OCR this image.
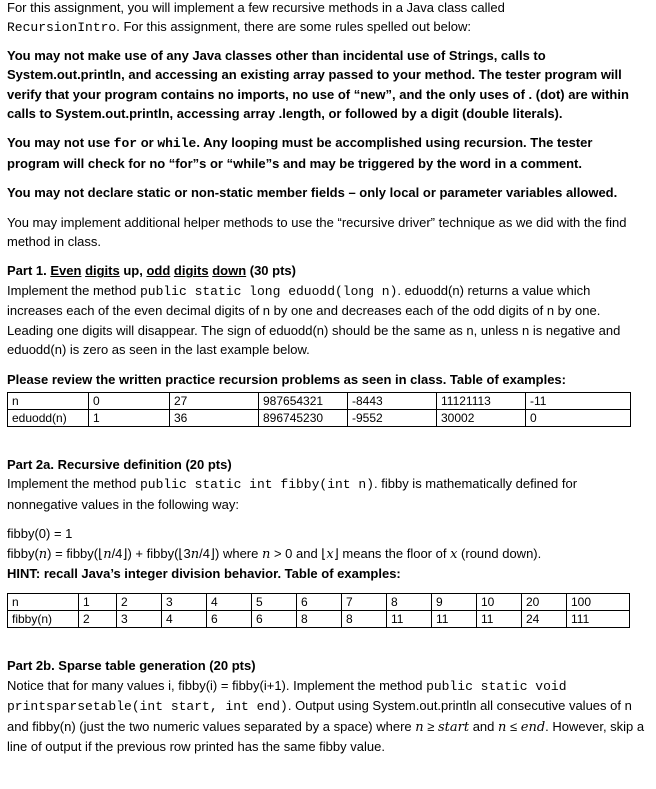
For this assignment, you will implement a few recursive methods in a Java class called
RecursionIntro. For this assignment, there are some rules spelled out below:

You may not make use of any Java classes other than incidental use of Strings, calls to System.out.println, and accessing an existing array passed to your method. The tester program will verify that your program contains no imports, no use of “new”, and the only uses of . (dot) are within calls to System.out.println, accessing array .length, or followed by a digit (double literals).

You may not use for or while. Any looping must be accomplished using recursion. The tester program will check for no “for”s or “while”s and may be triggered by the word in a comment.

You may not declare static or non-static member fields – only local or parameter variables allowed.

You may implement additional helper methods to use the “recursive driver” technique as we did with the find method in class.

Part 1. Even digits up, odd digits down (30 pts)

Implement the method public static long eduodd(long n). eduodd(n) returns a value which increases each of the even decimal digits of n by one and decreases each of the odd digits of n by one. Leading one digits will disappear. The sign of eduodd(n) should be the same as n, unless n is negative and eduodd(n) is zero as seen in the last example below.

Please review the written practice recursion problems as seen in class. Table of examples:

n	0	27	987654321	-8443	11121113	-11
eduodd(n)	1	36	896745230	-9552	30002	0

Part 2a. Recursive definition (20 pts)

Implement the method public static int fibby(int n). fibby is mathematically defined for nonnegative values in the following way:

fibby(0) = 1

fibby(n) = fibby(⌊n/4⌋) + fibby(⌊3n/4⌋) where n > 0 and ⌊x⌋ means the floor of x (round down).

HINT: recall Java’s integer division behavior. Table of examples:

n	1	2	3	4	5	6	7	8	9	10	20	100
fibby(n)	2	3	4	6	6	8	8	11	11	11	24	111

Part 2b. Sparse table generation (20 pts)

Notice that for many values i, fibby(i) = fibby(i+1). Implement the method public static void printsparsetable(int start, int end). Output using System.out.println all consecutive values of n and fibby(n) (just the two numeric values separated by a space) where n ≥ start and n ≤ end. However, skip a line of output if the previous row printed has the same fibby value.
